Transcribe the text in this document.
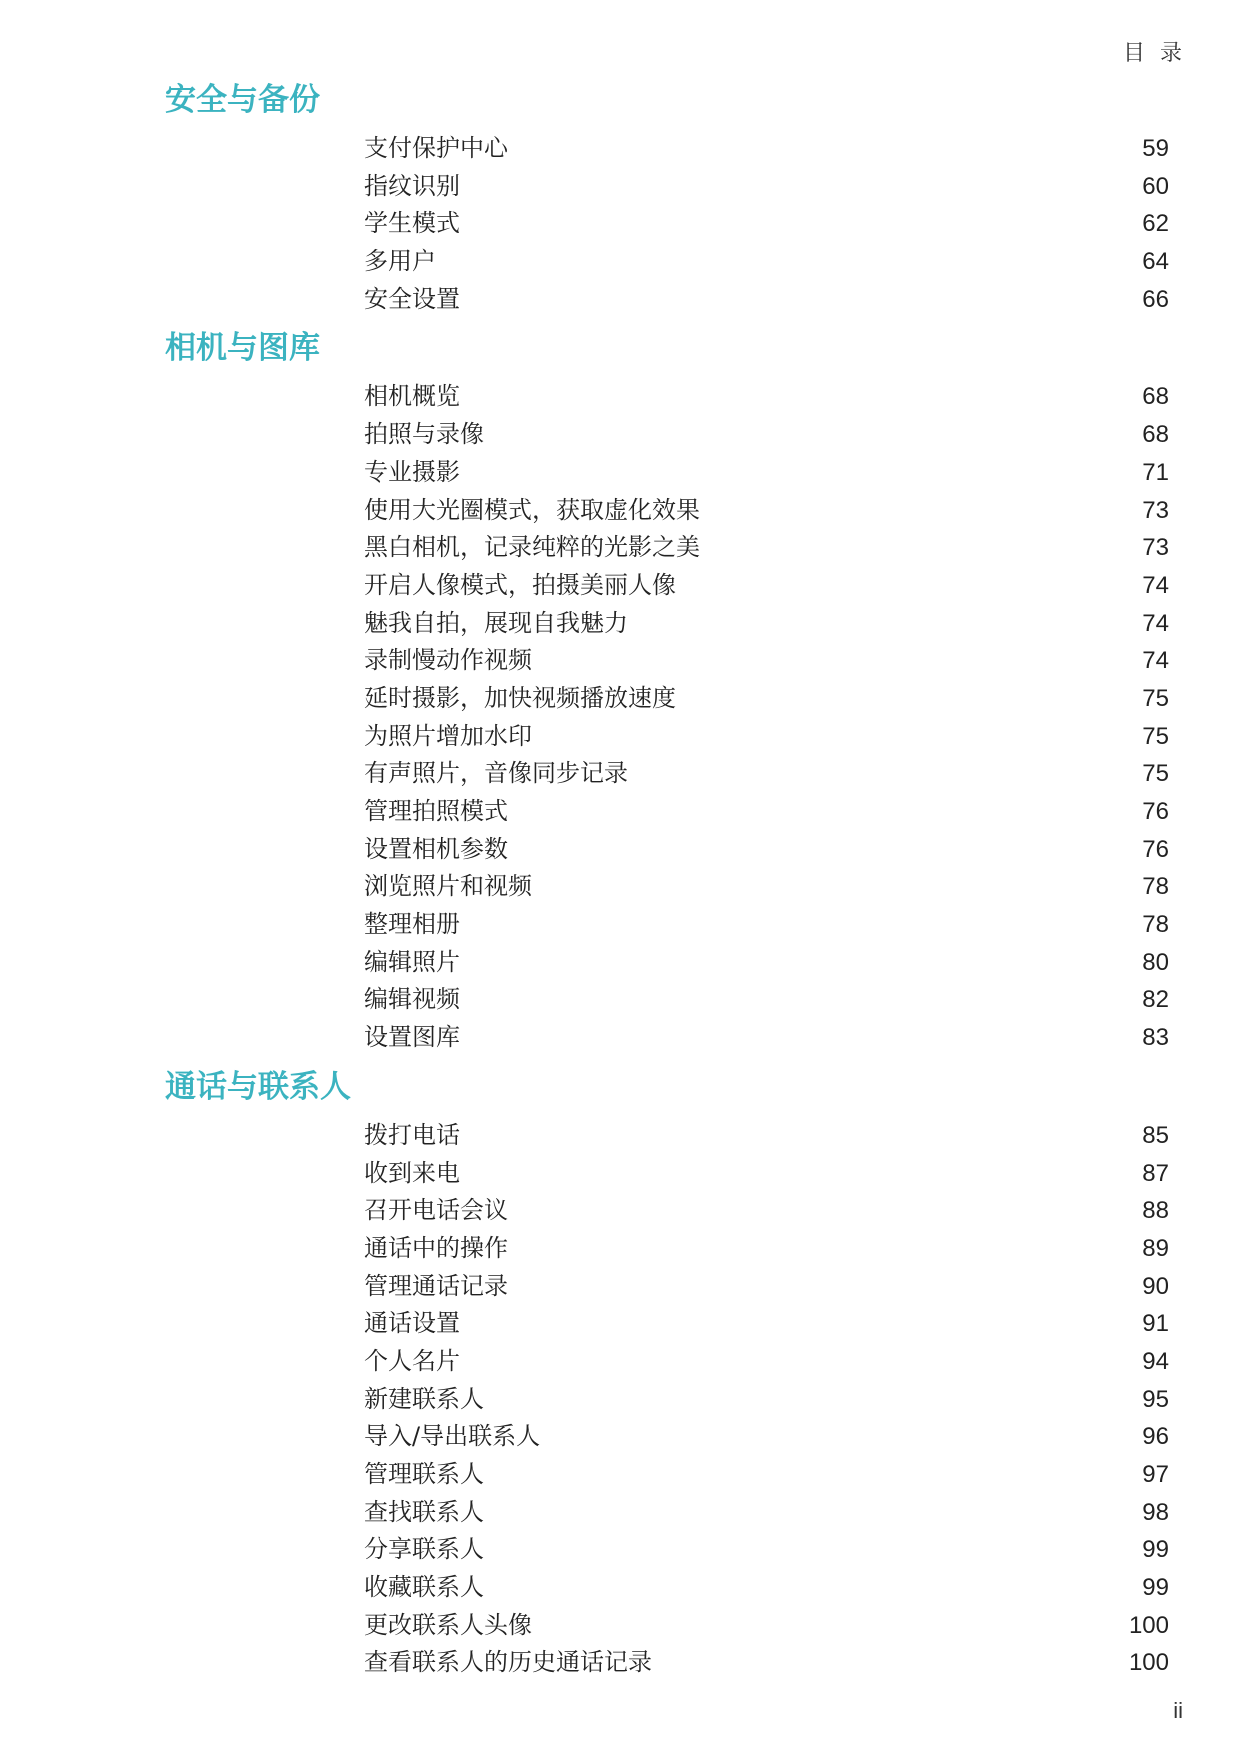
目 录
安全与备份
支付保护中心	59
指纹识别	60
学生模式	62
多用户	64
安全设置	66
相机与图库
相机概览	68
拍照与录像	68
专业摄影	71
使用大光圈模式，获取虚化效果	73
黑白相机，记录纯粹的光影之美	73
开启人像模式，拍摄美丽人像	74
魅我自拍，展现自我魅力	74
录制慢动作视频	74
延时摄影，加快视频播放速度	75
为照片增加水印	75
有声照片，音像同步记录	75
管理拍照模式	76
设置相机参数	76
浏览照片和视频	78
整理相册	78
编辑照片	80
编辑视频	82
设置图库	83
通话与联系人
拨打电话	85
收到来电	87
召开电话会议	88
通话中的操作	89
管理通话记录	90
通话设置	91
个人名片	94
新建联系人	95
导入/导出联系人	96
管理联系人	97
查找联系人	98
分享联系人	99
收藏联系人	99
更改联系人头像	100
查看联系人的历史通话记录	100
ii
